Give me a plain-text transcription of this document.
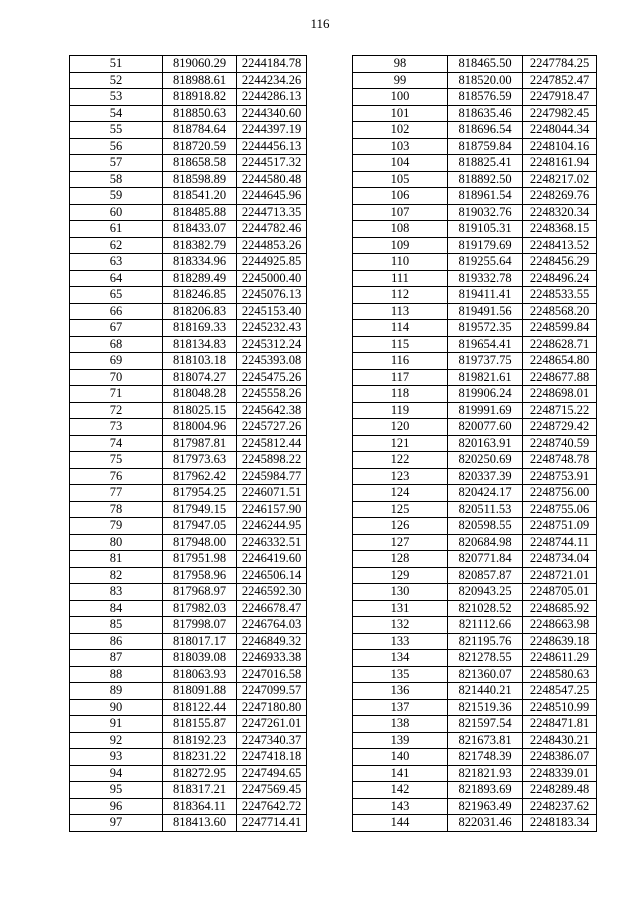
116
51	819060.29	2244184.78
52	818988.61	2244234.26
53	818918.82	2244286.13
54	818850.63	2244340.60
55	818784.64	2244397.19
56	818720.59	2244456.13
57	818658.58	2244517.32
58	818598.89	2244580.48
59	818541.20	2244645.96
60	818485.88	2244713.35
61	818433.07	2244782.46
62	818382.79	2244853.26
63	818334.96	2244925.85
64	818289.49	2245000.40
65	818246.85	2245076.13
66	818206.83	2245153.40
67	818169.33	2245232.43
68	818134.83	2245312.24
69	818103.18	2245393.08
70	818074.27	2245475.26
71	818048.28	2245558.26
72	818025.15	2245642.38
73	818004.96	2245727.26
74	817987.81	2245812.44
75	817973.63	2245898.22
76	817962.42	2245984.77
77	817954.25	2246071.51
78	817949.15	2246157.90
79	817947.05	2246244.95
80	817948.00	2246332.51
81	817951.98	2246419.60
82	817958.96	2246506.14
83	817968.97	2246592.30
84	817982.03	2246678.47
85	817998.07	2246764.03
86	818017.17	2246849.32
87	818039.08	2246933.38
88	818063.93	2247016.58
89	818091.88	2247099.57
90	818122.44	2247180.80
91	818155.87	2247261.01
92	818192.23	2247340.37
93	818231.22	2247418.18
94	818272.95	2247494.65
95	818317.21	2247569.45
96	818364.11	2247642.72
97	818413.60	2247714.41
98	818465.50	2247784.25
99	818520.00	2247852.47
100	818576.59	2247918.47
101	818635.46	2247982.45
102	818696.54	2248044.34
103	818759.84	2248104.16
104	818825.41	2248161.94
105	818892.50	2248217.02
106	818961.54	2248269.76
107	819032.76	2248320.34
108	819105.31	2248368.15
109	819179.69	2248413.52
110	819255.64	2248456.29
111	819332.78	2248496.24
112	819411.41	2248533.55
113	819491.56	2248568.20
114	819572.35	2248599.84
115	819654.41	2248628.71
116	819737.75	2248654.80
117	819821.61	2248677.88
118	819906.24	2248698.01
119	819991.69	2248715.22
120	820077.60	2248729.42
121	820163.91	2248740.59
122	820250.69	2248748.78
123	820337.39	2248753.91
124	820424.17	2248756.00
125	820511.53	2248755.06
126	820598.55	2248751.09
127	820684.98	2248744.11
128	820771.84	2248734.04
129	820857.87	2248721.01
130	820943.25	2248705.01
131	821028.52	2248685.92
132	821112.66	2248663.98
133	821195.76	2248639.18
134	821278.55	2248611.29
135	821360.07	2248580.63
136	821440.21	2248547.25
137	821519.36	2248510.99
138	821597.54	2248471.81
139	821673.81	2248430.21
140	821748.39	2248386.07
141	821821.93	2248339.01
142	821893.69	2248289.48
143	821963.49	2248237.62
144	822031.46	2248183.34
